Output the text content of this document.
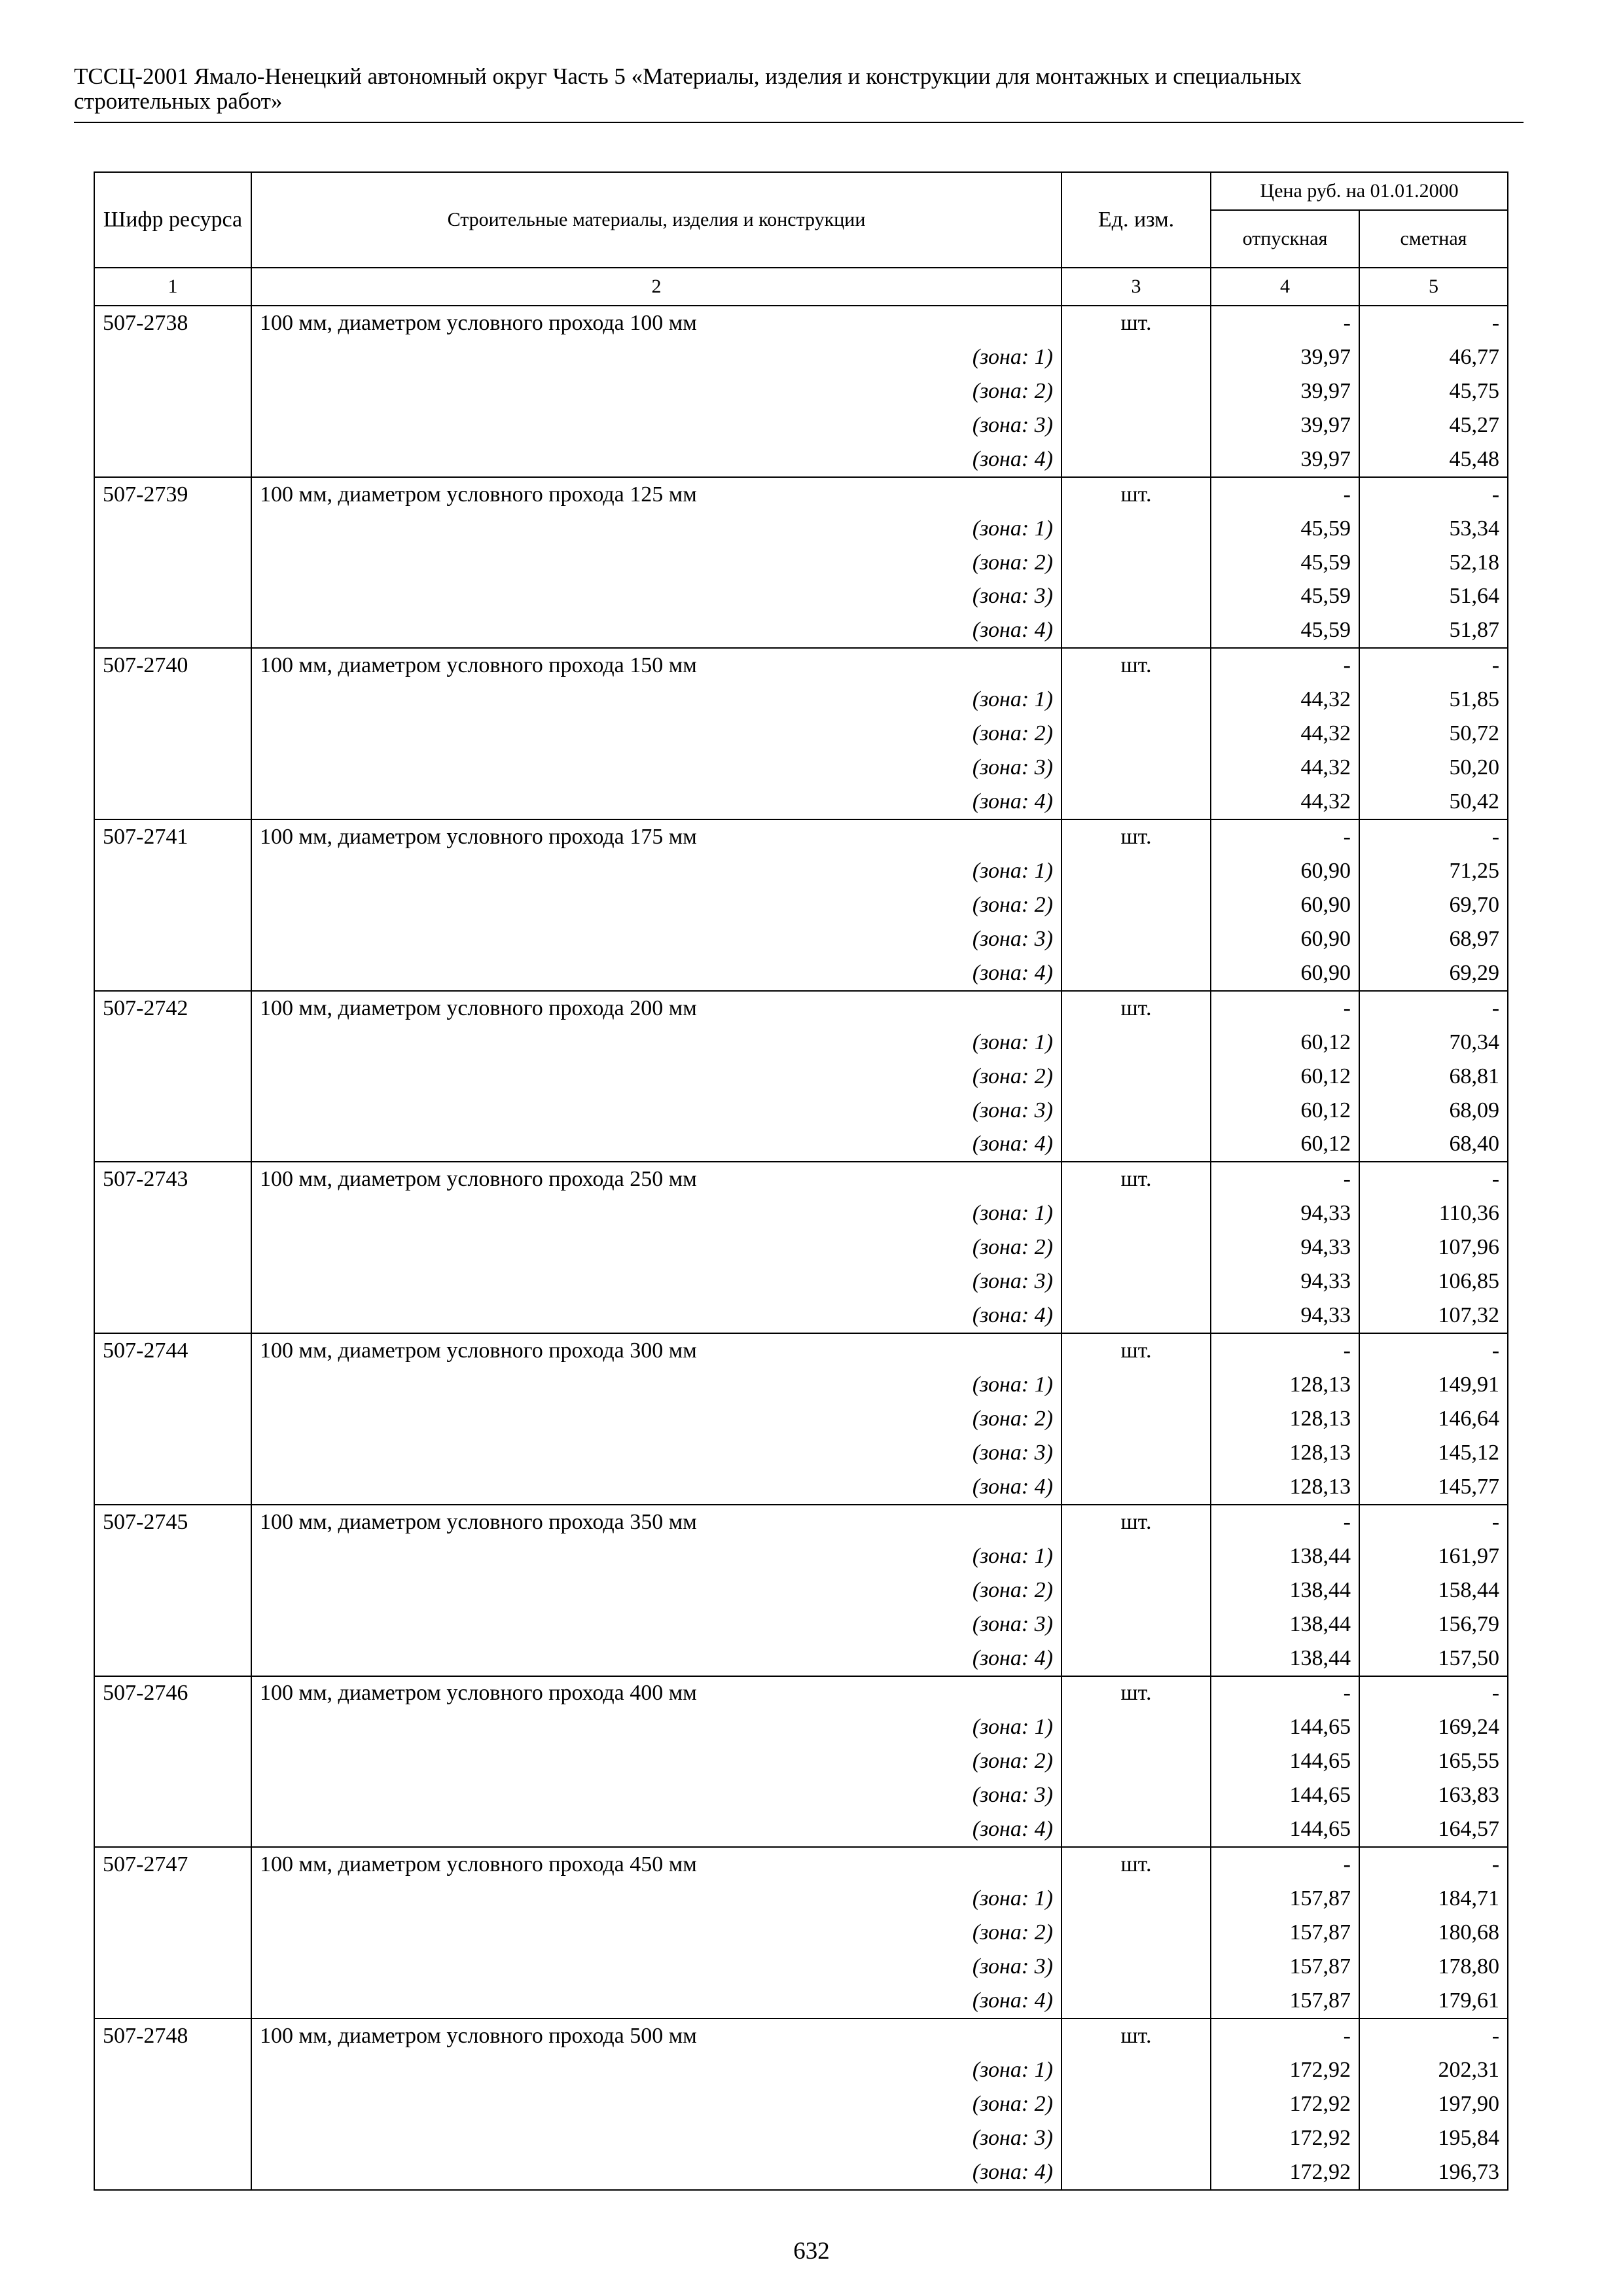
ТССЦ-2001 Ямало-Ненецкий автономный округ Часть 5 «Материалы, изделия и конструкции для монтажных и специальных
строительных работ»
Шифр ресурса	Строительные материалы, изделия и конструкции	Ед. изм.	Цена руб. на 01.01.2000	
			отпускная	сметная
1	2	3	4	5
507-2738	100 мм, диаметром условного прохода 100 мм	шт.	-	-
	(зона: 1)		39,97	46,77
	(зона: 2)		39,97	45,75
	(зона: 3)		39,97	45,27
	(зона: 4)		39,97	45,48
507-2739	100 мм, диаметром условного прохода 125 мм	шт.	-	-
	(зона: 1)		45,59	53,34
	(зона: 2)		45,59	52,18
	(зона: 3)		45,59	51,64
	(зона: 4)		45,59	51,87
507-2740	100 мм, диаметром условного прохода 150 мм	шт.	-	-
	(зона: 1)		44,32	51,85
	(зона: 2)		44,32	50,72
	(зона: 3)		44,32	50,20
	(зона: 4)		44,32	50,42
507-2741	100 мм, диаметром условного прохода 175 мм	шт.	-	-
	(зона: 1)		60,90	71,25
	(зона: 2)		60,90	69,70
	(зона: 3)		60,90	68,97
	(зона: 4)		60,90	69,29
507-2742	100 мм, диаметром условного прохода 200 мм	шт.	-	-
	(зона: 1)		60,12	70,34
	(зона: 2)		60,12	68,81
	(зона: 3)		60,12	68,09
	(зона: 4)		60,12	68,40
507-2743	100 мм, диаметром условного прохода 250 мм	шт.	-	-
	(зона: 1)		94,33	110,36
	(зона: 2)		94,33	107,96
	(зона: 3)		94,33	106,85
	(зона: 4)		94,33	107,32
507-2744	100 мм, диаметром условного прохода 300 мм	шт.	-	-
	(зона: 1)		128,13	149,91
	(зона: 2)		128,13	146,64
	(зона: 3)		128,13	145,12
	(зона: 4)		128,13	145,77
507-2745	100 мм, диаметром условного прохода 350 мм	шт.	-	-
	(зона: 1)		138,44	161,97
	(зона: 2)		138,44	158,44
	(зона: 3)		138,44	156,79
	(зона: 4)		138,44	157,50
507-2746	100 мм, диаметром условного прохода 400 мм	шт.	-	-
	(зона: 1)		144,65	169,24
	(зона: 2)		144,65	165,55
	(зона: 3)		144,65	163,83
	(зона: 4)		144,65	164,57
507-2747	100 мм, диаметром условного прохода 450 мм	шт.	-	-
	(зона: 1)		157,87	184,71
	(зона: 2)		157,87	180,68
	(зона: 3)		157,87	178,80
	(зона: 4)		157,87	179,61
507-2748	100 мм, диаметром условного прохода 500 мм	шт.	-	-
	(зона: 1)		172,92	202,31
	(зона: 2)		172,92	197,90
	(зона: 3)		172,92	195,84
	(зона: 4)		172,92	196,73
632
